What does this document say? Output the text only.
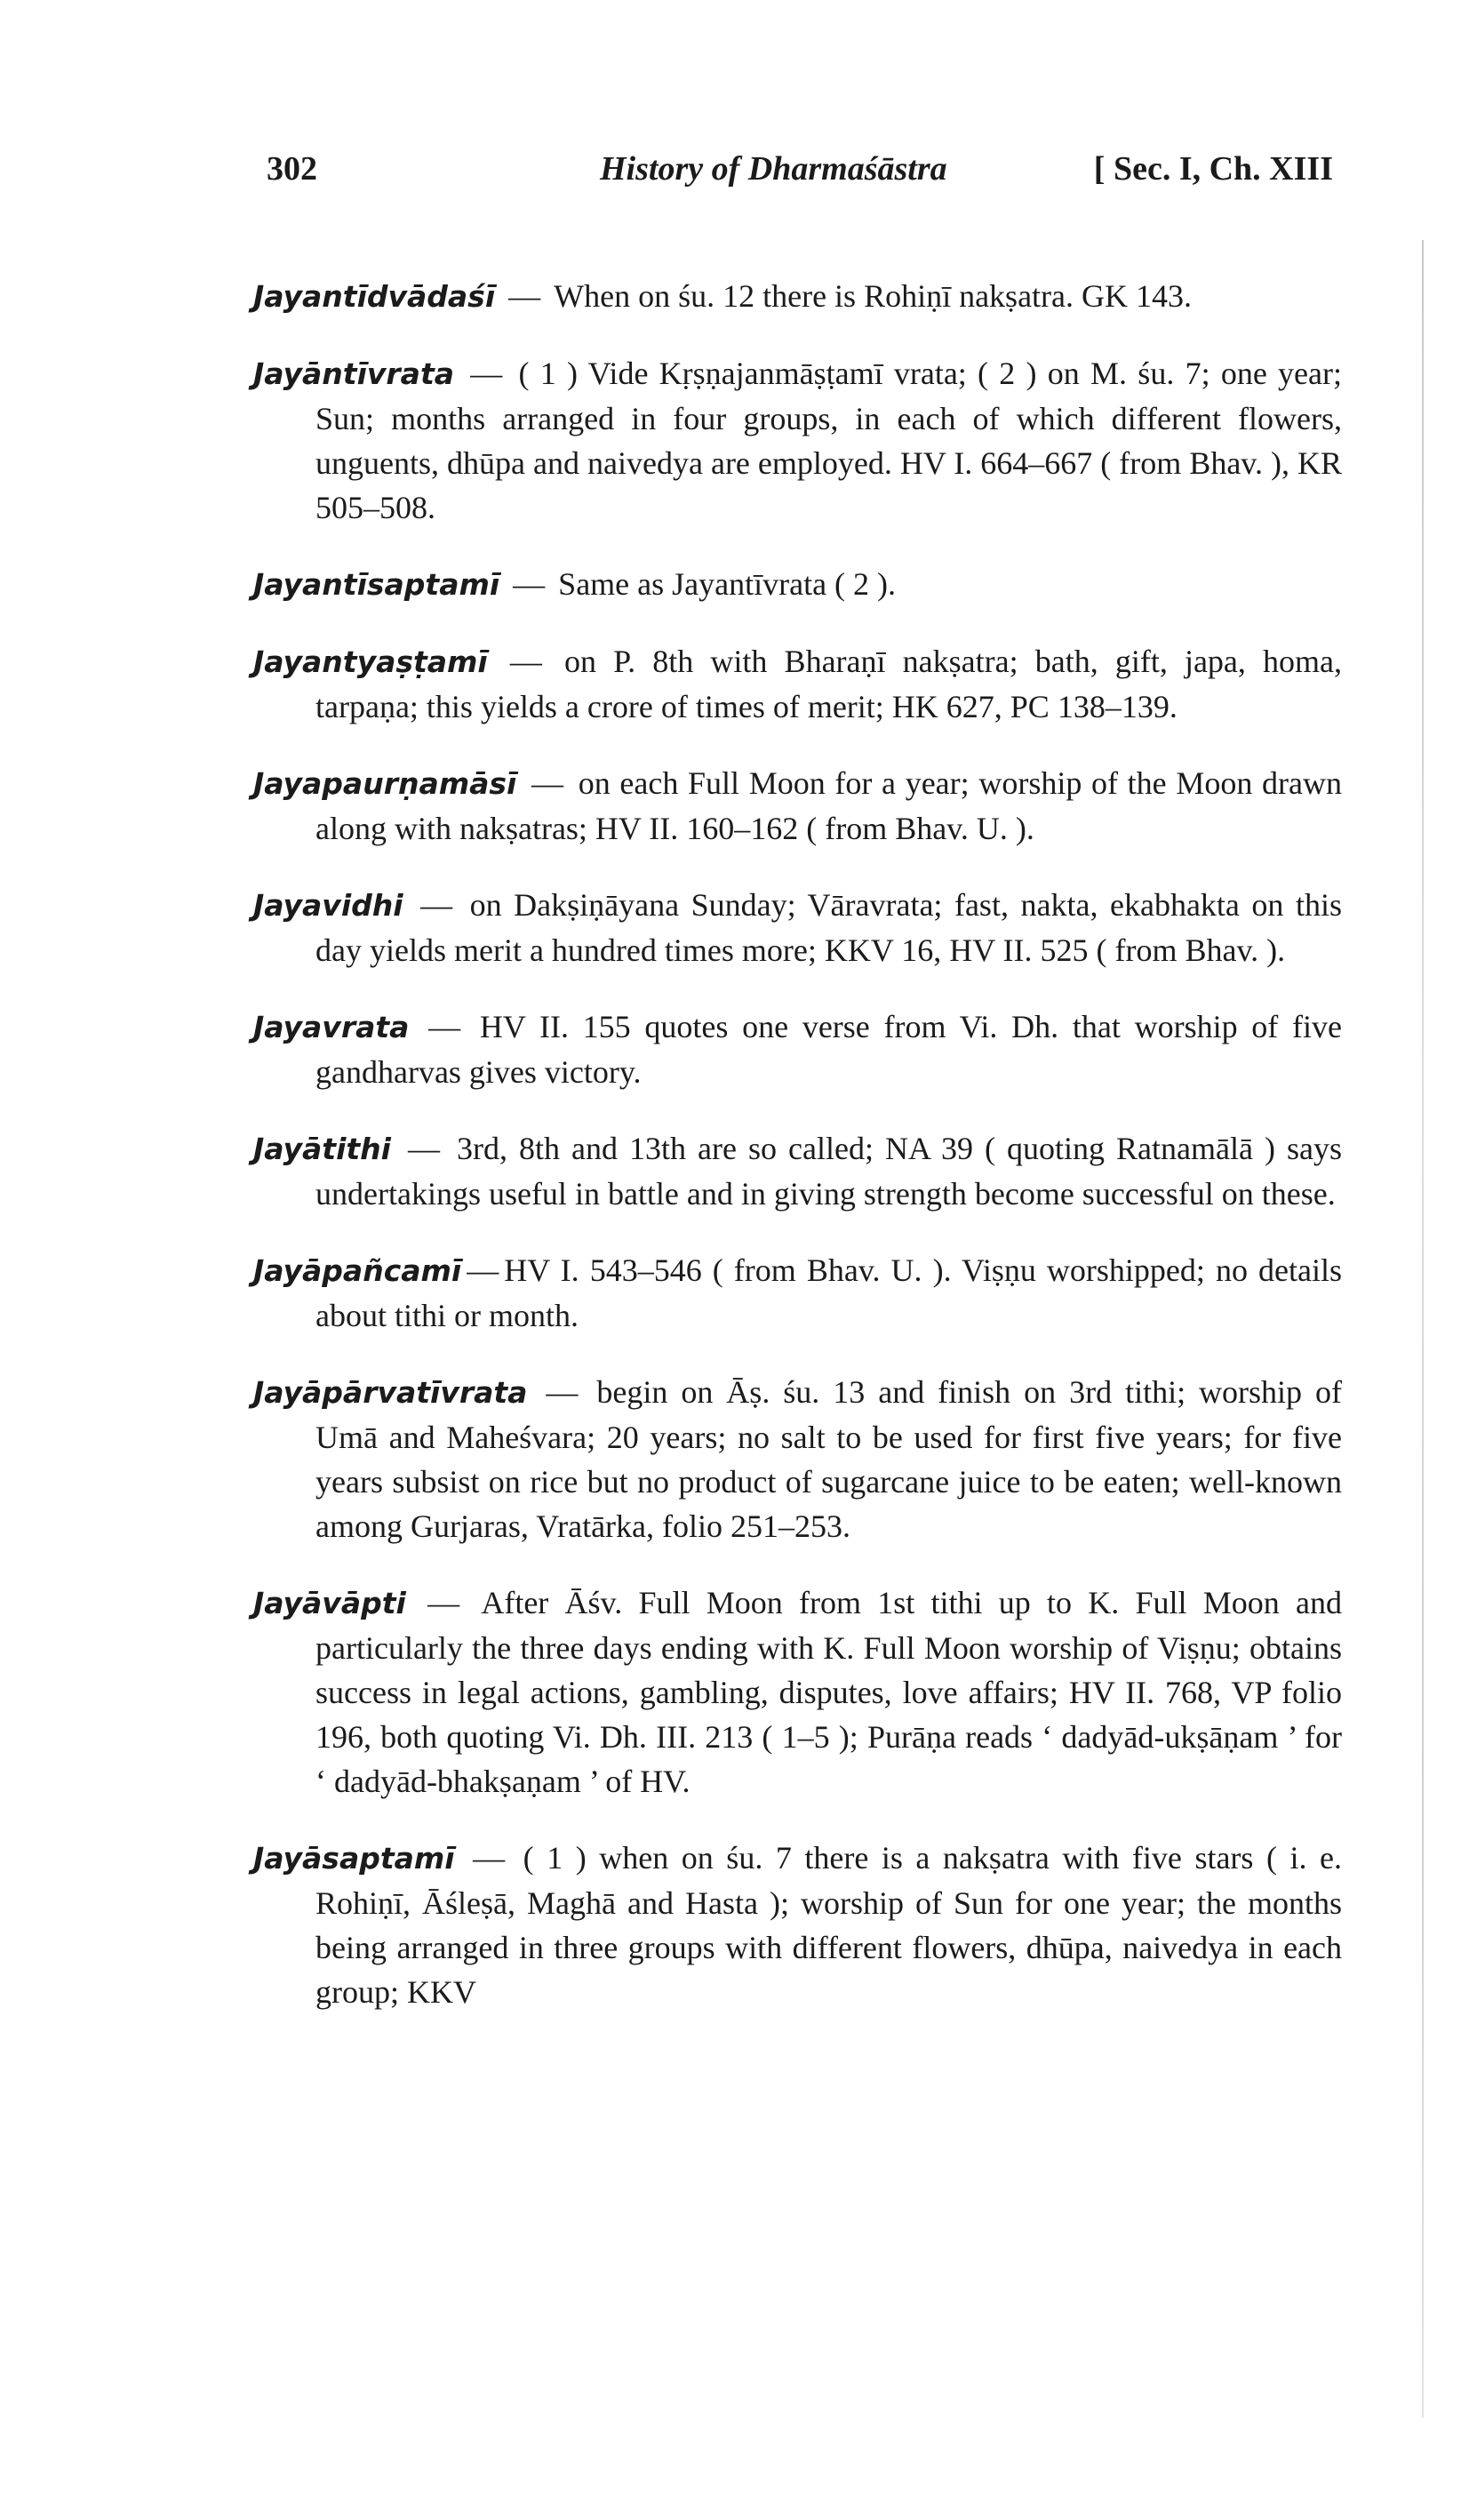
302	History of Dharmaśāstra	[ Sec. I, Ch. XIII

Jayantīdvādaśī — When on śu. 12 there is Rohiṇī nakṣatra. GK 143.

Jayāntīvrata — ( 1 ) Vide Kṛṣṇajanmāṣṭamī vrata; ( 2 ) on M. śu. 7; one year; Sun; months arranged in four groups, in each of which different flowers, unguents, dhūpa and naivedya are employed. HV I. 664–667 ( from Bhav. ), KR 505–508.

Jayantīsaptamī — Same as Jayantīvrata ( 2 ).

Jayantyaṣṭamī — on P. 8th with Bharaṇī nakṣatra; bath, gift, japa, homa, tarpaṇa; this yields a crore of times of merit; HK 627, PC 138–139.

Jayapaurṇamāsī — on each Full Moon for a year; worship of the Moon drawn along with nakṣatras; HV II. 160–162 ( from Bhav. U. ).

Jayavidhi — on Dakṣiṇāyana Sunday; Vāravrata; fast, nakta, ekabhakta on this day yields merit a hundred times more; KKV 16, HV II. 525 ( from Bhav. ).

Jayavrata — HV II. 155 quotes one verse from Vi. Dh. that worship of five gandharvas gives victory.

Jayātithi — 3rd, 8th and 13th are so called; NA 39 ( quoting Ratnamālā ) says undertakings useful in battle and in giving strength become successful on these.

Jayāpañcamī — HV I. 543–546 ( from Bhav. U. ). Viṣṇu worshipped; no details about tithi or month.

Jayāpārvatīvrata — begin on Āṣ. śu. 13 and finish on 3rd tithi; worship of Umā and Maheśvara; 20 years; no salt to be used for first five years; for five years subsist on rice but no product of sugarcane juice to be eaten; well-known among Gurjaras, Vratārka, folio 251–253.

Jayāvāpti — After Āśv. Full Moon from 1st tithi up to K. Full Moon and particularly the three days ending with K. Full Moon worship of Viṣṇu; obtains success in legal actions, gambling, disputes, love affairs; HV II. 768, VP folio 196, both quoting Vi. Dh. III. 213 ( 1–5 ); Purāṇa reads ‘ dadyād-ukṣāṇam ’ for ‘ dadyād-bhakṣaṇam ’ of HV.

Jayāsaptamī — ( 1 ) when on śu. 7 there is a nakṣatra with five stars ( i. e. Rohiṇī, Āśleṣā, Maghā and Hasta ); worship of Sun for one year; the months being arranged in three groups with different flowers, dhūpa, naivedya in each group; KKV
